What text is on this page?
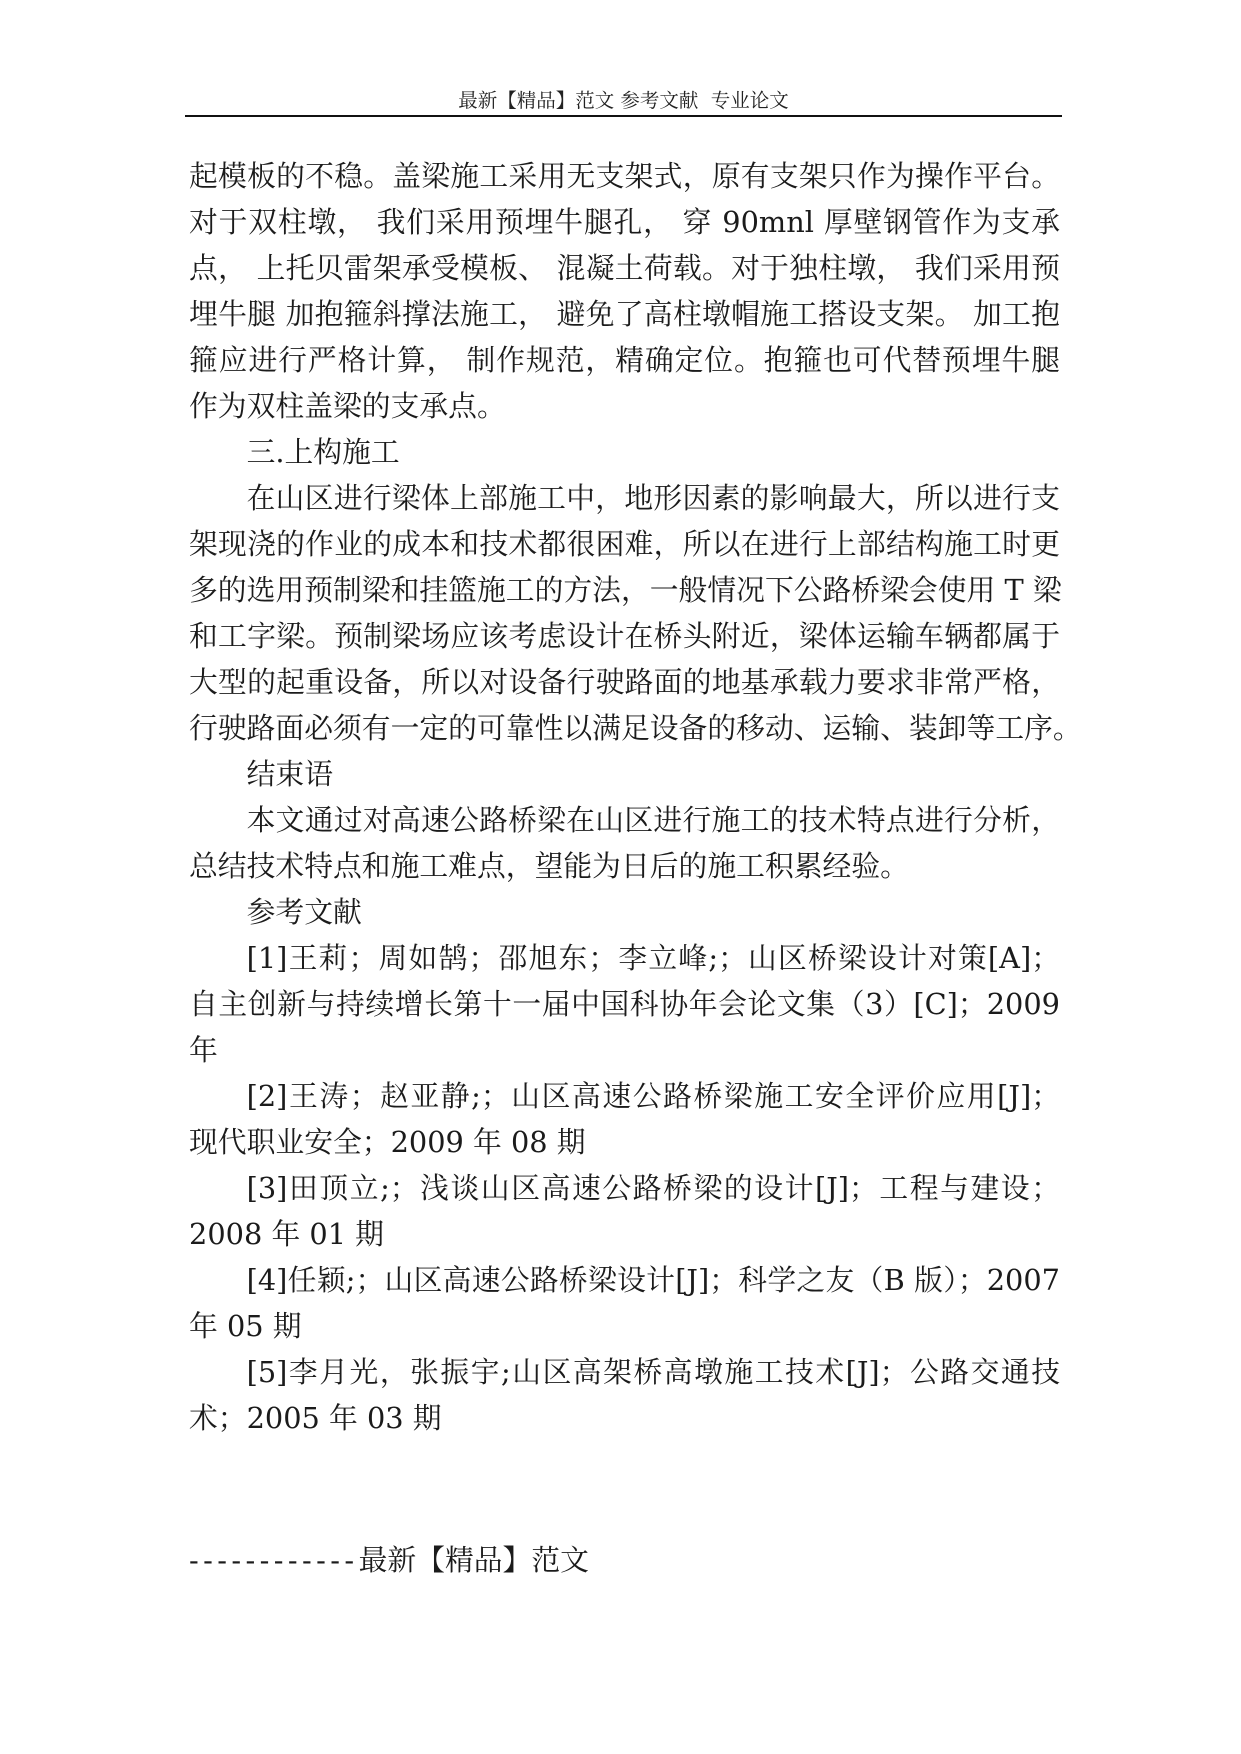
最新【精品】范文 参考文献  专业论文
起模板的不稳。盖梁施工采用无支架式，原有支架只作为操作平台。
对于双柱墩， 我们采用预埋牛腿孔， 穿 90mnl 厚壁钢管作为支承
点， 上托贝雷架承受模板、 混凝土荷载。对于独柱墩， 我们采用预
埋牛腿 加抱箍斜撑法施工， 避免了高柱墩帽施工搭设支架。 加工抱
箍应进行严格计算， 制作规范，精确定位。抱箍也可代替预埋牛腿
作为双柱盖梁的支承点。
三.上构施工
在山区进行梁体上部施工中，地形因素的影响最大，所以进行支
架现浇的作业的成本和技术都很困难，所以在进行上部结构施工时更
多的选用预制梁和挂篮施工的方法，一般情况下公路桥梁会使用 T 梁
和工字梁。预制梁场应该考虑设计在桥头附近，梁体运输车辆都属于
大型的起重设备，所以对设备行驶路面的地基承载力要求非常严格，
行驶路面必须有一定的可靠性以满足设备的移动、运输、装卸等工序。
结束语
本文通过对高速公路桥梁在山区进行施工的技术特点进行分析，
总结技术特点和施工难点，望能为日后的施工积累经验。
参考文献
[1]王莉；周如鹄；邵旭东；李立峰;；山区桥梁设计对策[A]；
自主创新与持续增长第十一届中国科协年会论文集（3）[C]；2009
年
[2]王涛；赵亚静;；山区高速公路桥梁施工安全评价应用[J]；
现代职业安全；2009 年 08 期
[3]田顶立;；浅谈山区高速公路桥梁的设计[J]；工程与建设；
2008 年 01 期
[4]任颖;；山区高速公路桥梁设计[J]；科学之友（B 版）；2007
年 05 期
[5]李月光，张振宇;山区高架桥高墩施工技术[J]；公路交通技
术；2005 年 03 期
------------最新【精品】范文
